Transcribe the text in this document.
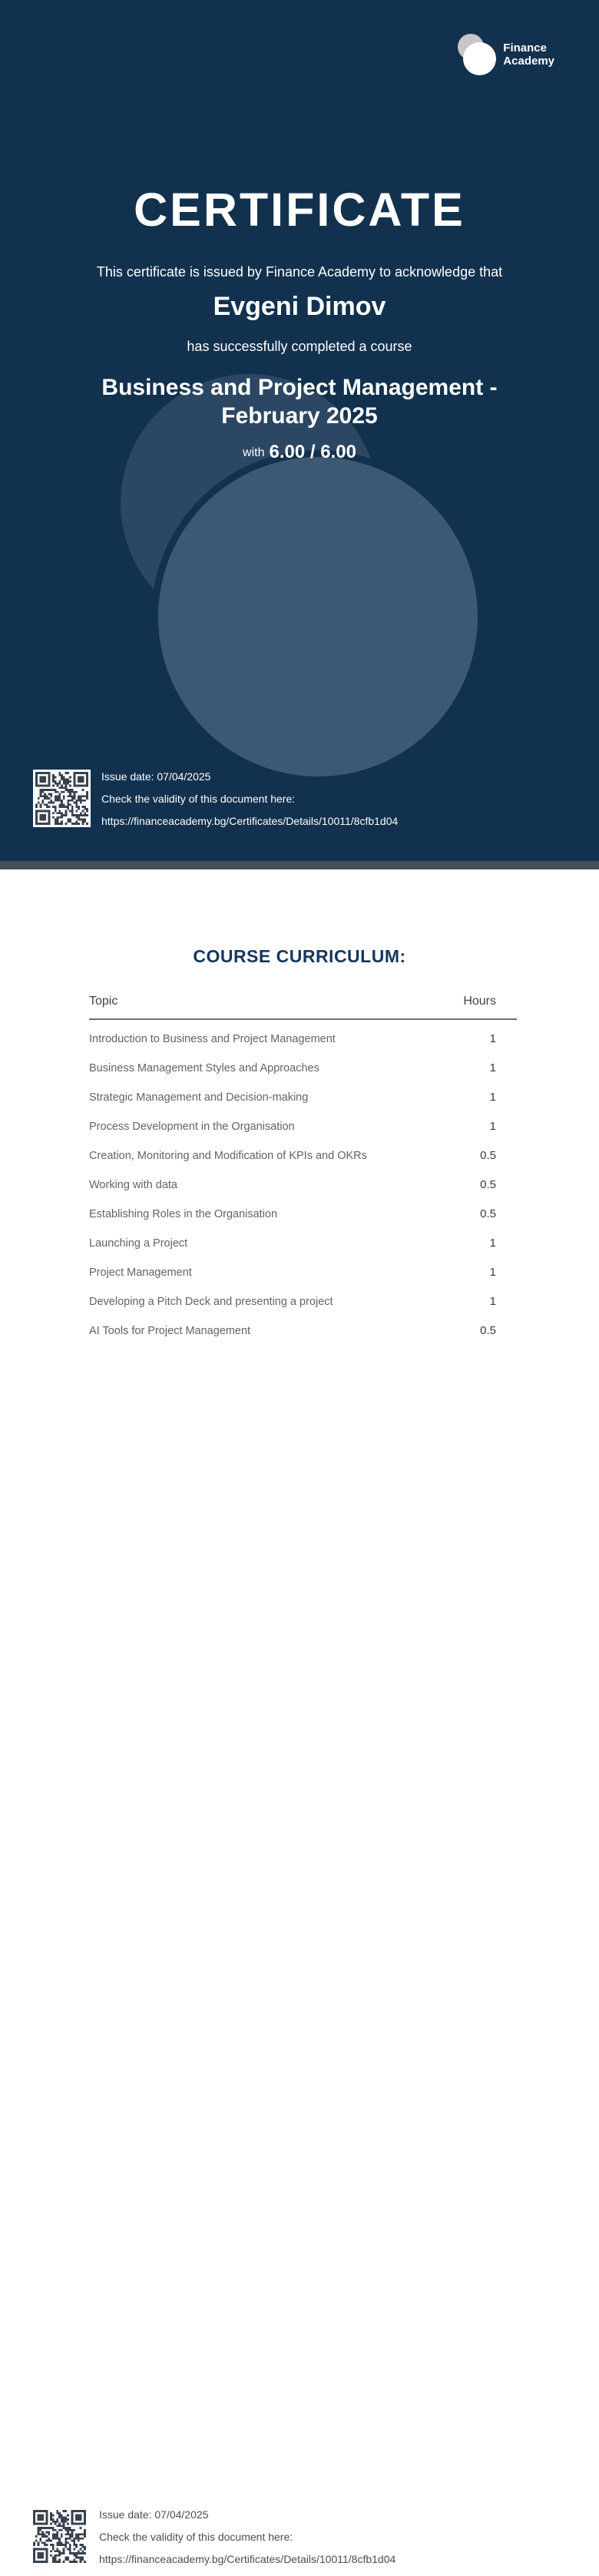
Finance
Academy
CERTIFICATE

This certificate is issued by Finance Academy to acknowledge that

Evgeni Dimov

has successfully completed a course

Business and Project Management - February 2025

with 6.00 / 6.00

Issue date: 07/04/2025

Check the validity of this document here:

https://financeacademy.bg/Certificates/Details/10011/8cfb1d04

COURSE CURRICULUM:
Topic	Hours
Introduction to Business and Project Management	1
Business Management Styles and Approaches	1
Strategic Management and Decision-making	1
Process Development in the Organisation	1
Creation, Monitoring and Modification of KPIs and OKRs	0.5
Working with data	0.5
Establishing Roles in the Organisation	0.5
Launching a Project	1
Project Management	1
Developing a Pitch Deck and presenting a project	1
AI Tools for Project Management	0.5

Issue date: 07/04/2025

Check the validity of this document here:

https://financeacademy.bg/Certificates/Details/10011/8cfb1d04
